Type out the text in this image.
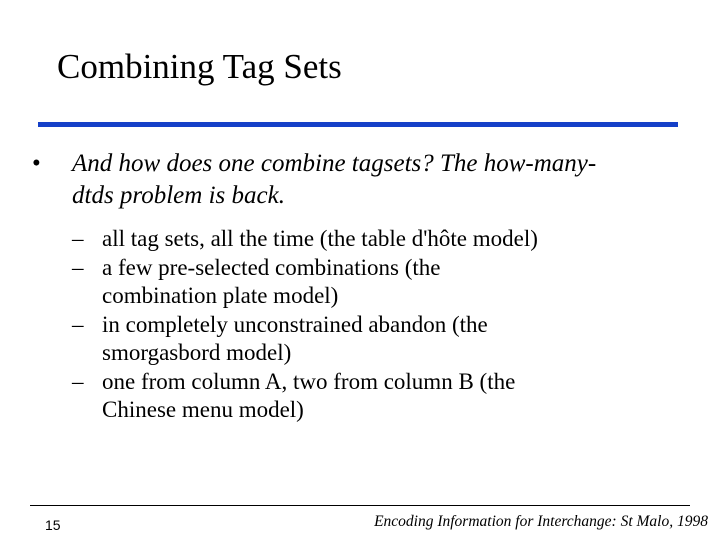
Combining Tag Sets
• And how does one combine tagsets? The how-many-
dtds problem is back.
– all tag sets, all the time (the table d'hôte model)
– a few pre-selected combinations (the
combination plate model)
– in completely unconstrained abandon (the
smorgasbord model)
– one from column A, two from column B (the
Chinese menu model)
15	Encoding Information for Interchange: St Malo, 1998
